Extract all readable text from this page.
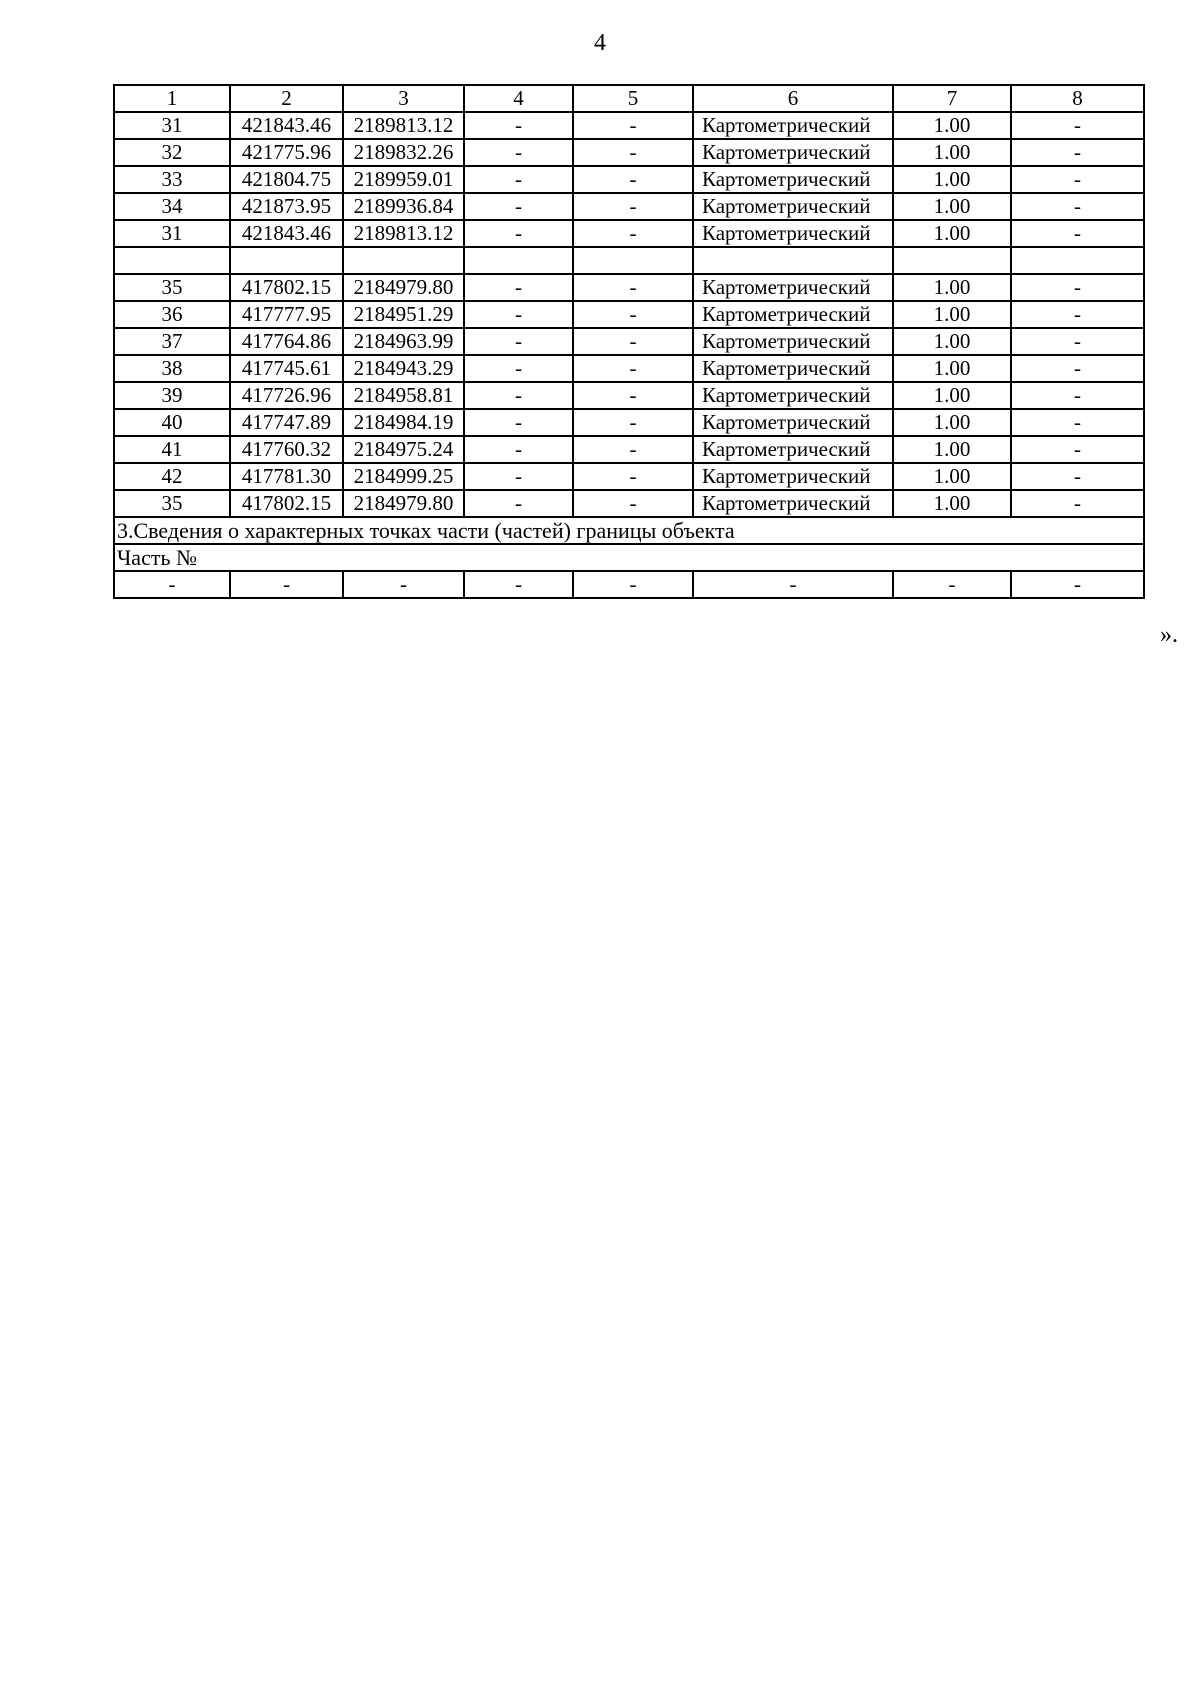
4
1	2	3	4	5	6	7	8
31	421843.46	2189813.12	-	-	Картометрический	1.00	-
32	421775.96	2189832.26	-	-	Картометрический	1.00	-
33	421804.75	2189959.01	-	-	Картометрический	1.00	-
34	421873.95	2189936.84	-	-	Картометрический	1.00	-
31	421843.46	2189813.12	-	-	Картометрический	1.00	-

35	417802.15	2184979.80	-	-	Картометрический	1.00	-
36	417777.95	2184951.29	-	-	Картометрический	1.00	-
37	417764.86	2184963.99	-	-	Картометрический	1.00	-
38	417745.61	2184943.29	-	-	Картометрический	1.00	-
39	417726.96	2184958.81	-	-	Картометрический	1.00	-
40	417747.89	2184984.19	-	-	Картометрический	1.00	-
41	417760.32	2184975.24	-	-	Картометрический	1.00	-
42	417781.30	2184999.25	-	-	Картометрический	1.00	-
35	417802.15	2184979.80	-	-	Картометрический	1.00	-
3.Сведения о характерных точках части (частей) границы объекта							
Часть №							
-	-	-	-	-	-	-	-
».
